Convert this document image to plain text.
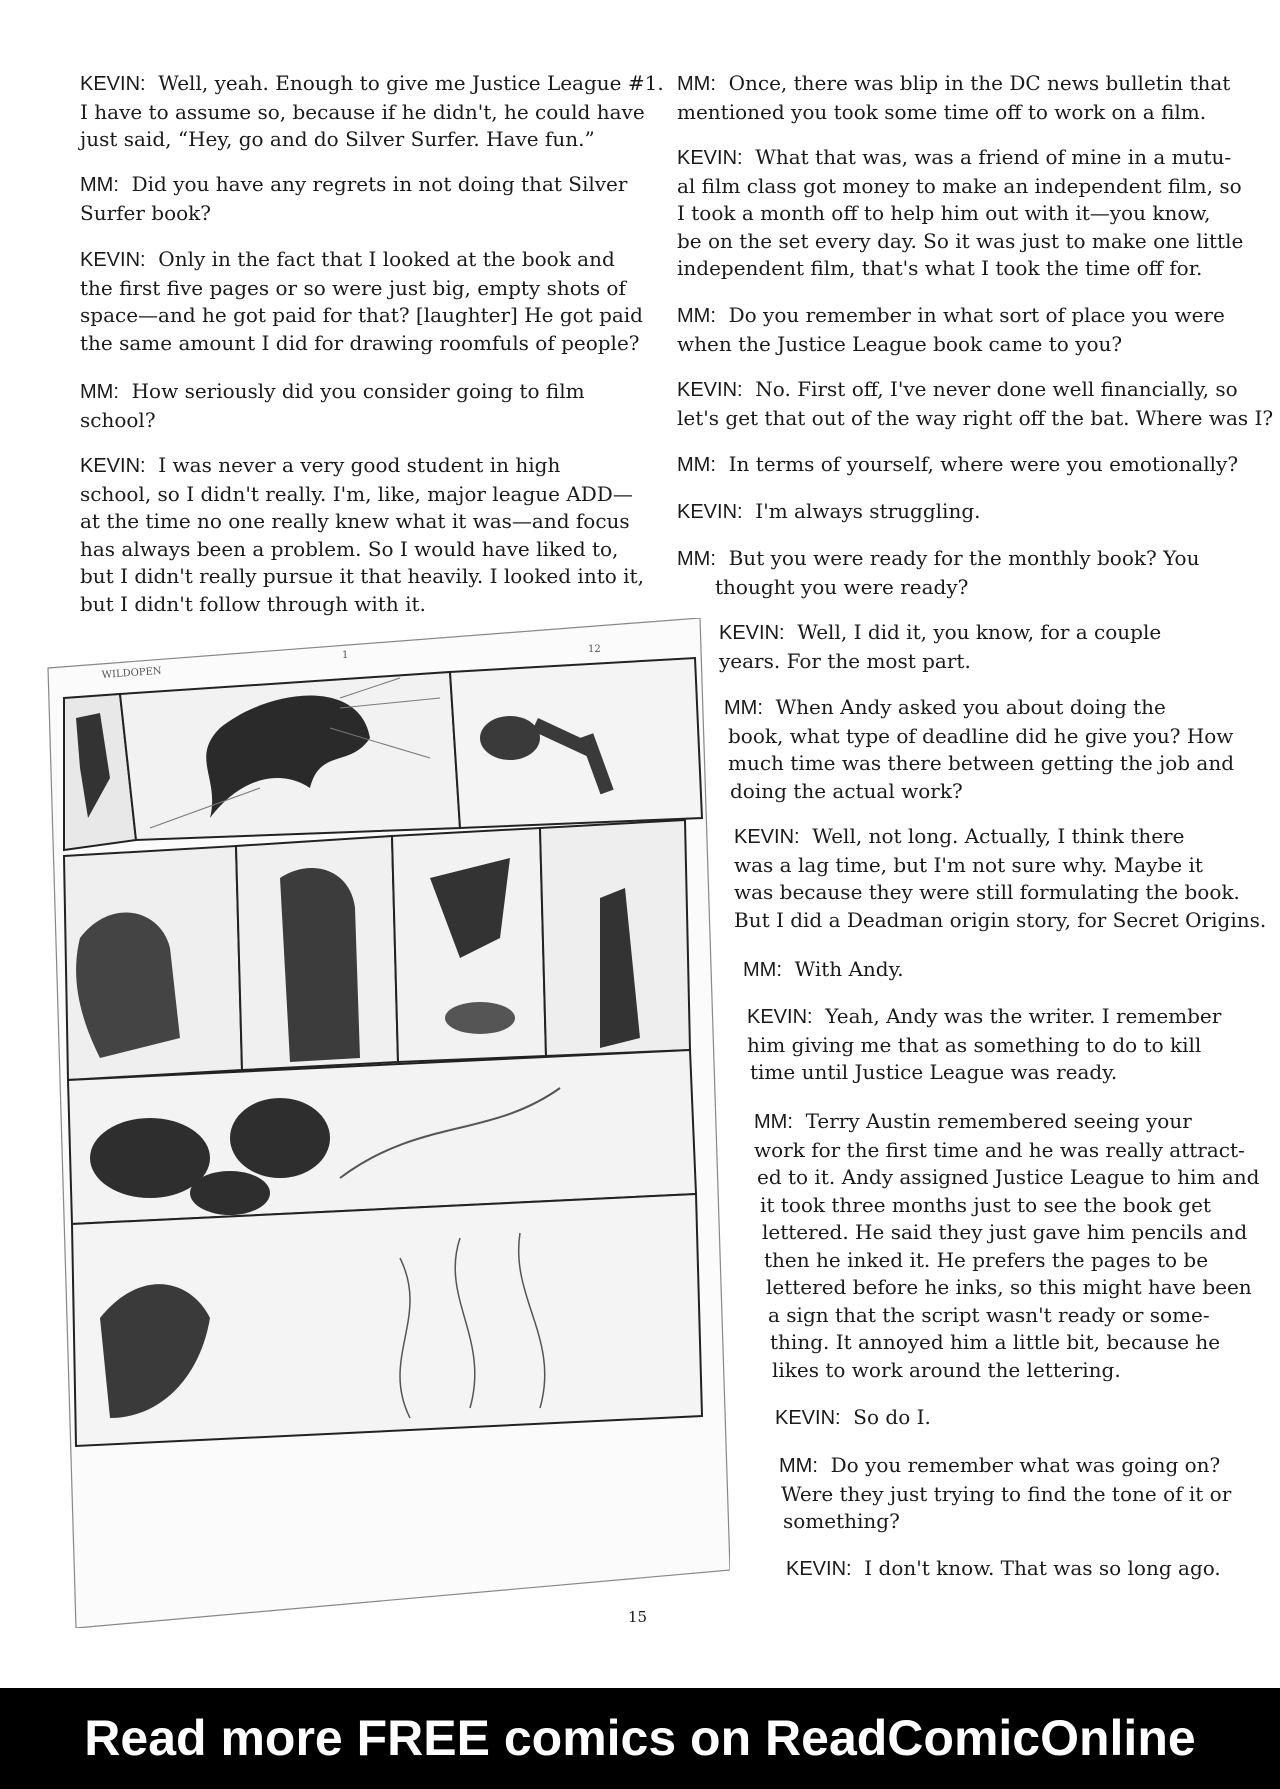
KEVIN: Well, yeah. Enough to give me Justice League #1.
I have to assume so, because if he didn't, he could have
just said, “Hey, go and do Silver Surfer. Have fun.”
MM: Did you have any regrets in not doing that Silver
Surfer book?
KEVIN: Only in the fact that I looked at the book and
the first five pages or so were just big, empty shots of
space—and he got paid for that? [laughter] He got paid
the same amount I did for drawing roomfuls of people?
MM: How seriously did you consider going to film
school?
KEVIN: I was never a very good student in high
school, so I didn't really. I'm, like, major league ADD—
at the time no one really knew what it was—and focus
has always been a problem. So I would have liked to,
but I didn't really pursue it that heavily. I looked into it,
but I didn't follow through with it.
MM: Once, there was blip in the DC news bulletin that
mentioned you took some time off to work on a film.
KEVIN: What that was, was a friend of mine in a mutu-
al film class got money to make an independent film, so
I took a month off to help him out with it—you know,
be on the set every day. So it was just to make one little
independent film, that's what I took the time off for.
MM: Do you remember in what sort of place you were
when the Justice League book came to you?
KEVIN: No. First off, I've never done well financially, so
let's get that out of the way right off the bat. Where was I?
MM: In terms of yourself, where were you emotionally?
KEVIN: I'm always struggling.
MM: But you were ready for the monthly book? You
thought you were ready?
KEVIN: Well, I did it, you know, for a couple
years. For the most part.
MM: When Andy asked you about doing the
book, what type of deadline did he give you? How
much time was there between getting the job and
doing the actual work?
KEVIN: Well, not long. Actually, I think there
was a lag time, but I'm not sure why. Maybe it
was because they were still formulating the book.
But I did a Deadman origin story, for Secret Origins.
MM: With Andy.
KEVIN: Yeah, Andy was the writer. I remember
him giving me that as something to do to kill
time until Justice League was ready.
MM: Terry Austin remembered seeing your
work for the first time and he was really attract-
ed to it. Andy assigned Justice League to him and
it took three months just to see the book get
lettered. He said they just gave him pencils and
then he inked it. He prefers the pages to be
lettered before he inks, so this might have been
a sign that the script wasn't ready or some-
thing. It annoyed him a little bit, because he
likes to work around the lettering.
KEVIN: So do I.
MM: Do you remember what was going on?
Were they just trying to find the tone of it or
something?
KEVIN: I don't know. That was so long ago.
WILDOPEN
1
12
15
Read more FREE comics on ReadComicOnline
